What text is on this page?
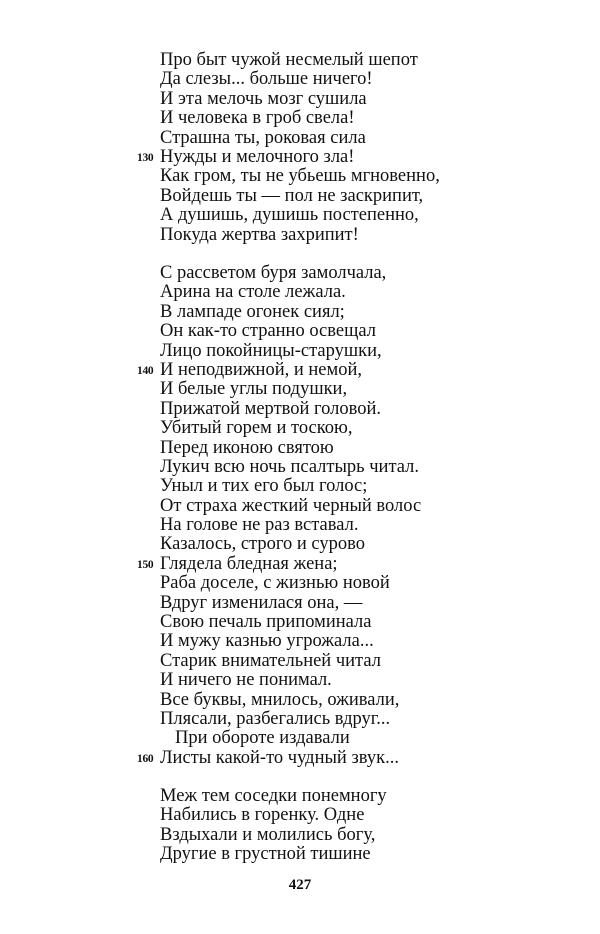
Про быт чужой несмелый шепот
Да слезы... больше ничего!
И эта мелочь мозг сушила
И человека в гроб свела!
Страшна ты, роковая сила
130 Нужды и мелочного зла!
Как гром, ты не убьешь мгновенно,
Войдешь ты — пол не заскрипит,
А душишь, душишь постепенно,
Покуда жертва захрипит!
С рассветом буря замолчала,
Арина на столе лежала.
В лампаде огонек сиял;
Он как-то странно освещал
Лицо покойницы-старушки,
140 И неподвижной, и немой,
И белые углы подушки,
Прижатой мертвой головой.
Убитый горем и тоскою,
Перед иконою святою
Лукич всю ночь псалтырь читал.
Уныл и тих его был голос;
От страха жесткий черный волос
На голове не раз вставал.
Казалось, строго и сурово
150 Глядела бледная жена;
Раба доселе, с жизнью новой
Вдруг изменилася она, —
Свою печаль припоминала
И мужу казнью угрожала...
Старик внимательней читал
И ничего не понимал.
Все буквы, мнилось, оживали,
Плясали, разбегались вдруг...
При обороте издавали
160 Листы какой-то чудный звук...
Меж тем соседки понемногу
Набились в горенку. Одне
Вздыхали и молились богу,
Другие в грустной тишине
427
